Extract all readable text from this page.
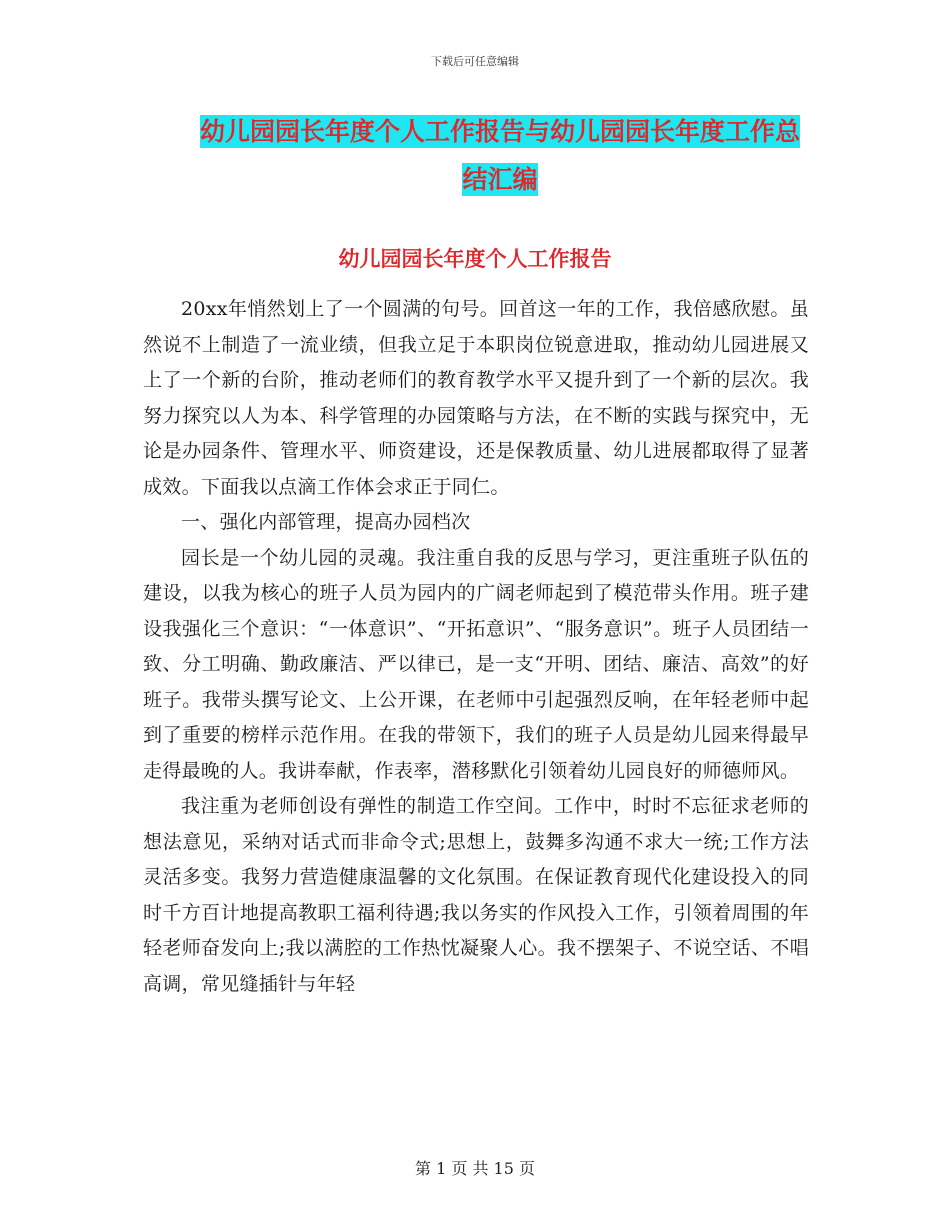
下载后可任意编辑
幼儿园园长年度个人工作报告与幼儿园园长年度工作总结汇编
幼儿园园长年度个人工作报告

20xx年悄然划上了一个圆满的句号。回首这一年的工作，我倍感欣慰。虽然说不上制造了一流业绩，但我立足于本职岗位锐意进取，推动幼儿园进展又上了一个新的台阶，推动老师们的教育教学水平又提升到了一个新的层次。我努力探究以人为本、科学管理的办园策略与方法，在不断的实践与探究中，无论是办园条件、管理水平、师资建设，还是保教质量、幼儿进展都取得了显著成效。下面我以点滴工作体会求正于同仁。

一、强化内部管理，提高办园档次

园长是一个幼儿园的灵魂。我注重自我的反思与学习，更注重班子队伍的建设，以我为核心的班子人员为园内的广阔老师起到了模范带头作用。班子建设我强化三个意识：“一体意识”、“开拓意识”、“服务意识”。班子人员团结一致、分工明确、勤政廉洁、严以律已，是一支“开明、团结、廉洁、高效”的好班子。我带头撰写论文、上公开课，在老师中引起强烈反响，在年轻老师中起到了重要的榜样示范作用。在我的带领下，我们的班子人员是幼儿园来得最早走得最晚的人。我讲奉献，作表率，潜移默化引领着幼儿园良好的师德师风。

我注重为老师创设有弹性的制造工作空间。工作中，时时不忘征求老师的想法意见，采纳对话式而非命令式;思想上，鼓舞多沟通不求大一统;工作方法灵活多变。我努力营造健康温馨的文化氛围。在保证教育现代化建设投入的同时千方百计地提高教职工福利待遇;我以务实的作风投入工作，引领着周围的年轻老师奋发向上;我以满腔的工作热忱凝聚人心。我不摆架子、不说空话、不唱高调，常见缝插针与年轻

第 1 页 共 15 页
